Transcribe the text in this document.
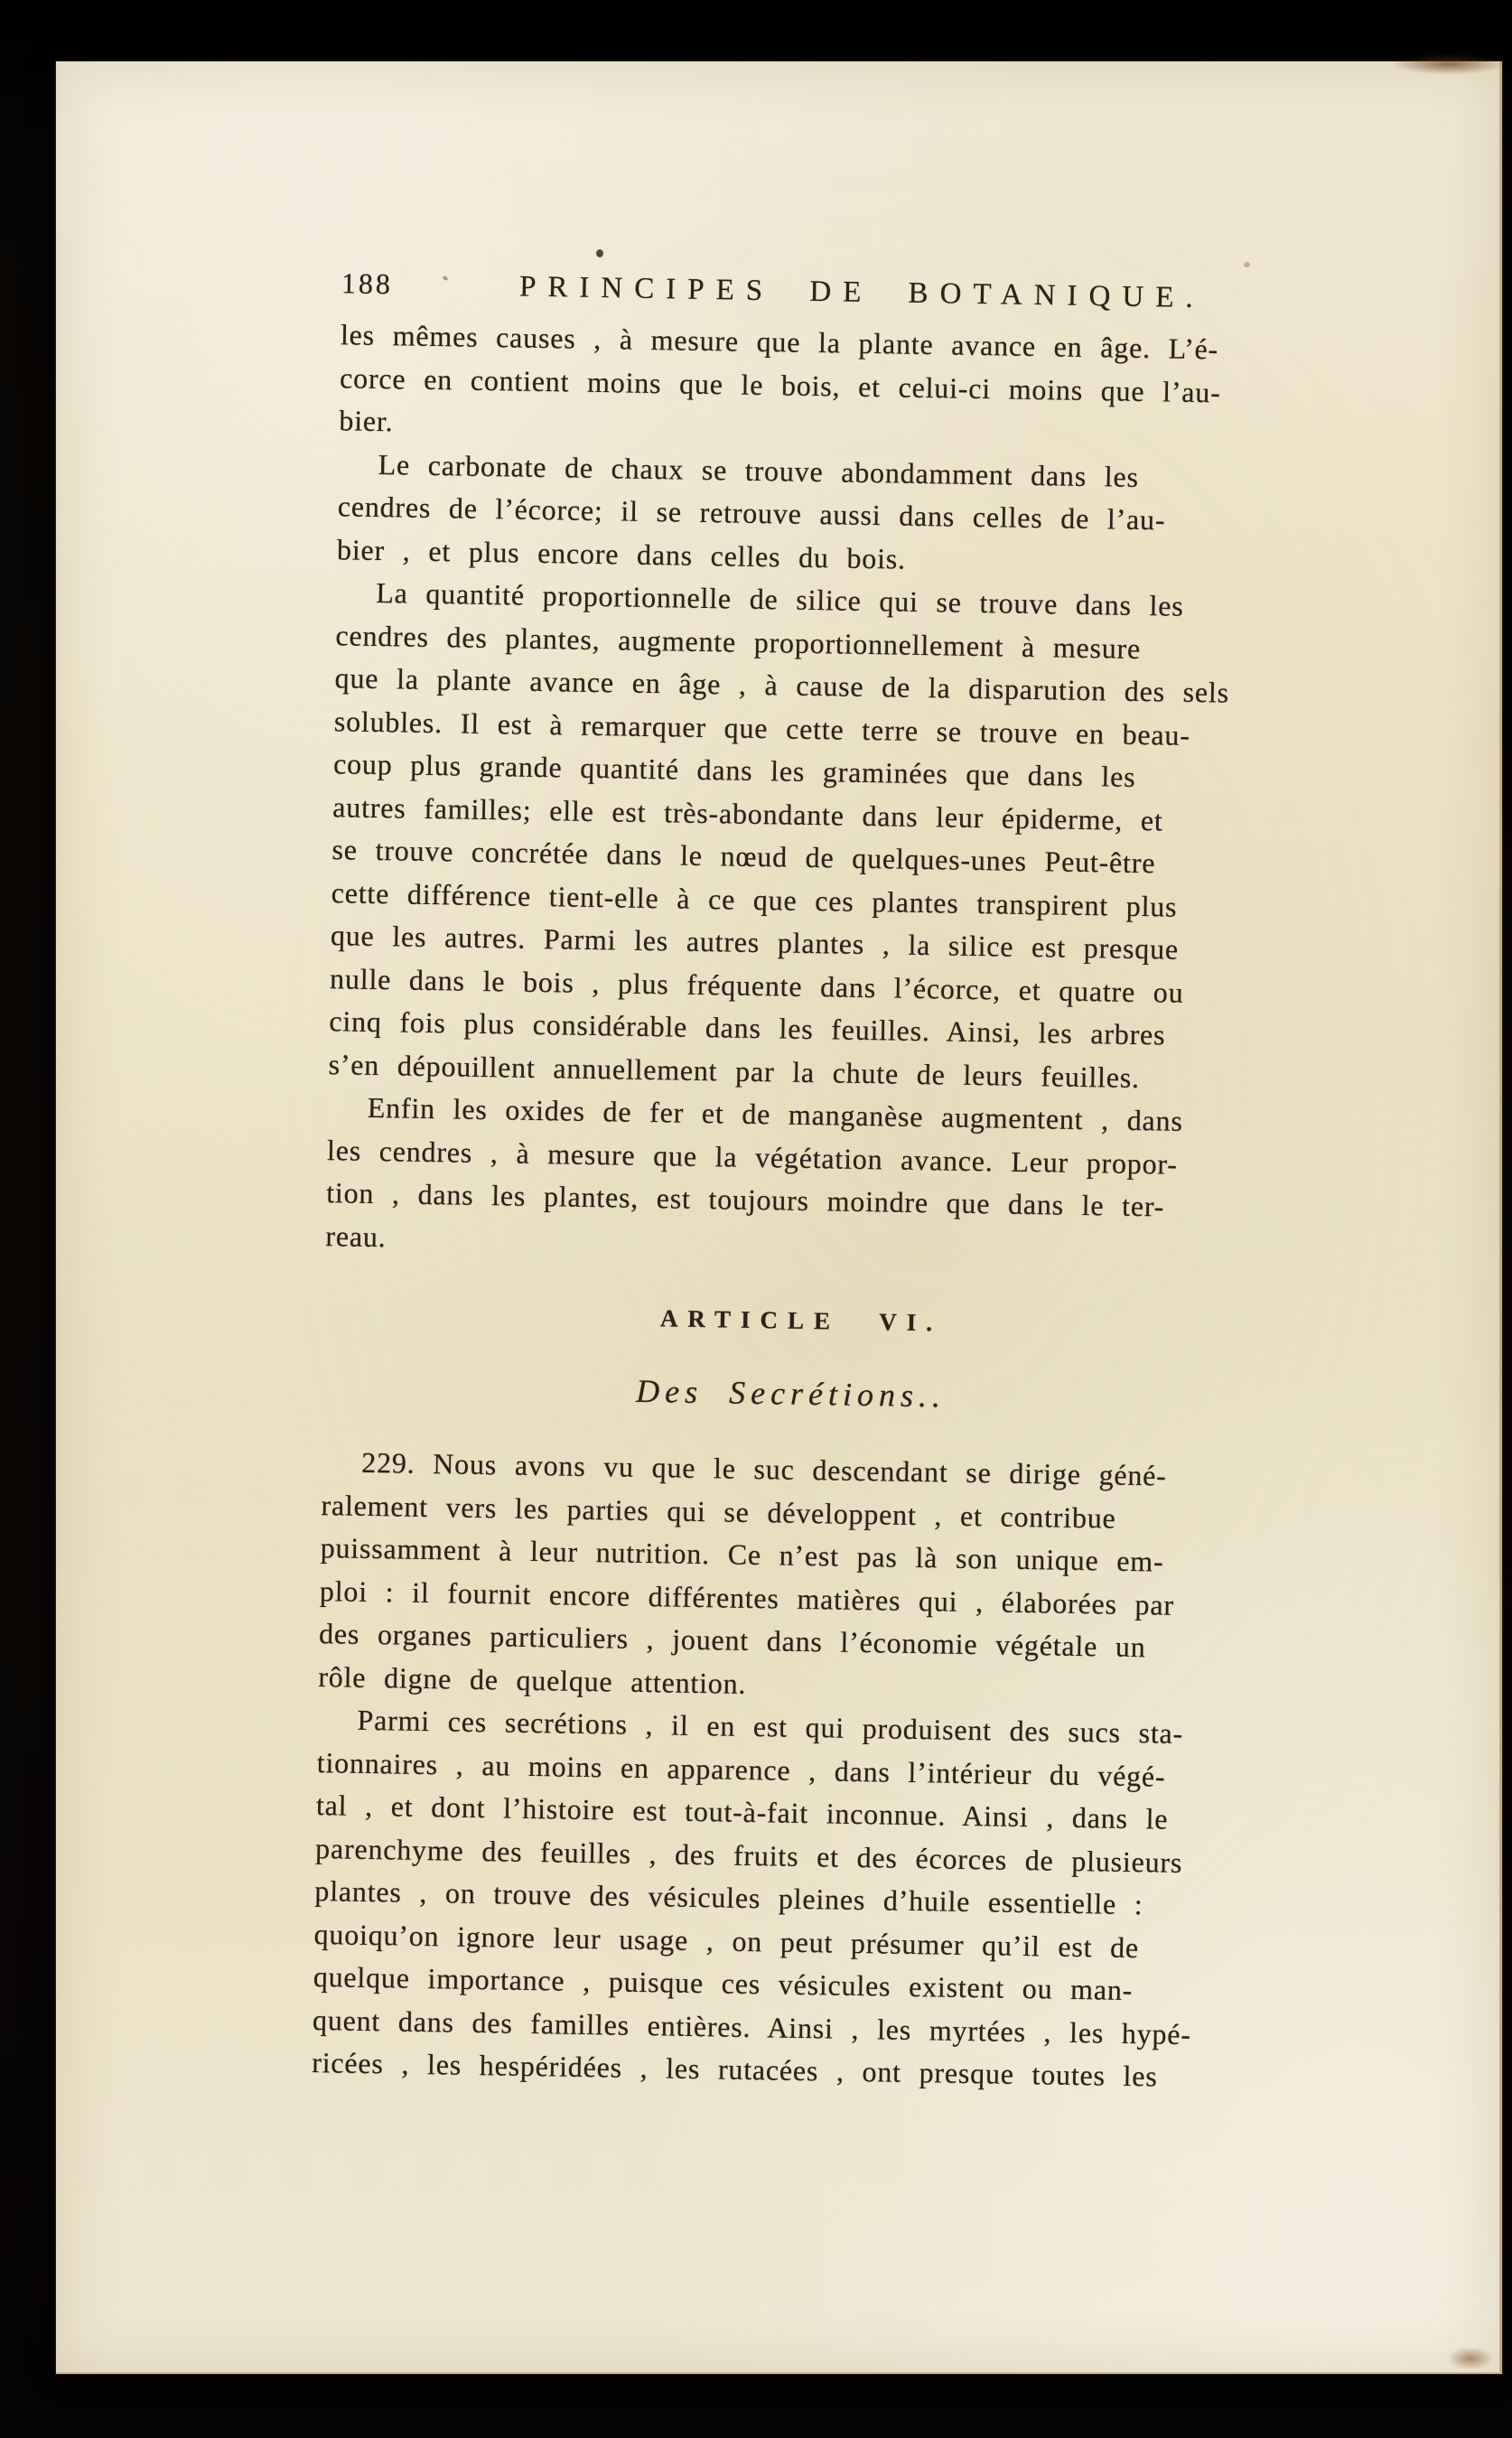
188	PRINCIPES DE BOTANIQUE.

les mêmes causes , à mesure que la plante avance en âge. L’é-
corce en contient moins que le bois, et celui-ci moins que l’au-
bier.

Le carbonate de chaux se trouve abondamment dans les
cendres de l’écorce; il se retrouve aussi dans celles de l’au-
bier , et plus encore dans celles du bois.

La quantité proportionnelle de silice qui se trouve dans les
cendres des plantes, augmente proportionnellement à mesure
que la plante avance en âge , à cause de la disparution des sels
solubles. Il est à remarquer que cette terre se trouve en beau-
coup plus grande quantité dans les graminées que dans les
autres familles; elle est très-abondante dans leur épiderme, et
se trouve concrétée dans le nœud de quelques-unes Peut-être
cette différence tient-elle à ce que ces plantes transpirent plus
que les autres. Parmi les autres plantes , la silice est presque
nulle dans le bois , plus fréquente dans l’écorce, et quatre ou
cinq fois plus considérable dans les feuilles. Ainsi, les arbres
s’en dépouillent annuellement par la chute de leurs feuilles.

Enfin les oxides de fer et de manganèse augmentent , dans
les cendres , à mesure que la végétation avance. Leur propor-
tion , dans les plantes, est toujours moindre que dans le ter-
reau.

ARTICLE VI.
Des Secrétions..

229. Nous avons vu que le suc descendant se dirige géné-
ralement vers les parties qui se développent , et contribue
puissamment à leur nutrition. Ce n’est pas là son unique em-
ploi : il fournit encore différentes matières qui , élaborées par
des organes particuliers , jouent dans l’économie végétale un
rôle digne de quelque attention.

Parmi ces secrétions , il en est qui produisent des sucs sta-
tionnaires , au moins en apparence , dans l’intérieur du végé-
tal , et dont l’histoire est tout-à-fait inconnue. Ainsi , dans le
parenchyme des feuilles , des fruits et des écorces de plusieurs
plantes , on trouve des vésicules pleines d’huile essentielle :
quoiqu’on ignore leur usage , on peut présumer qu’il est de
quelque importance , puisque ces vésicules existent ou man-
quent dans des familles entières. Ainsi , les myrtées , les hypé-
ricées , les hespéridées , les rutacées , ont presque toutes les
